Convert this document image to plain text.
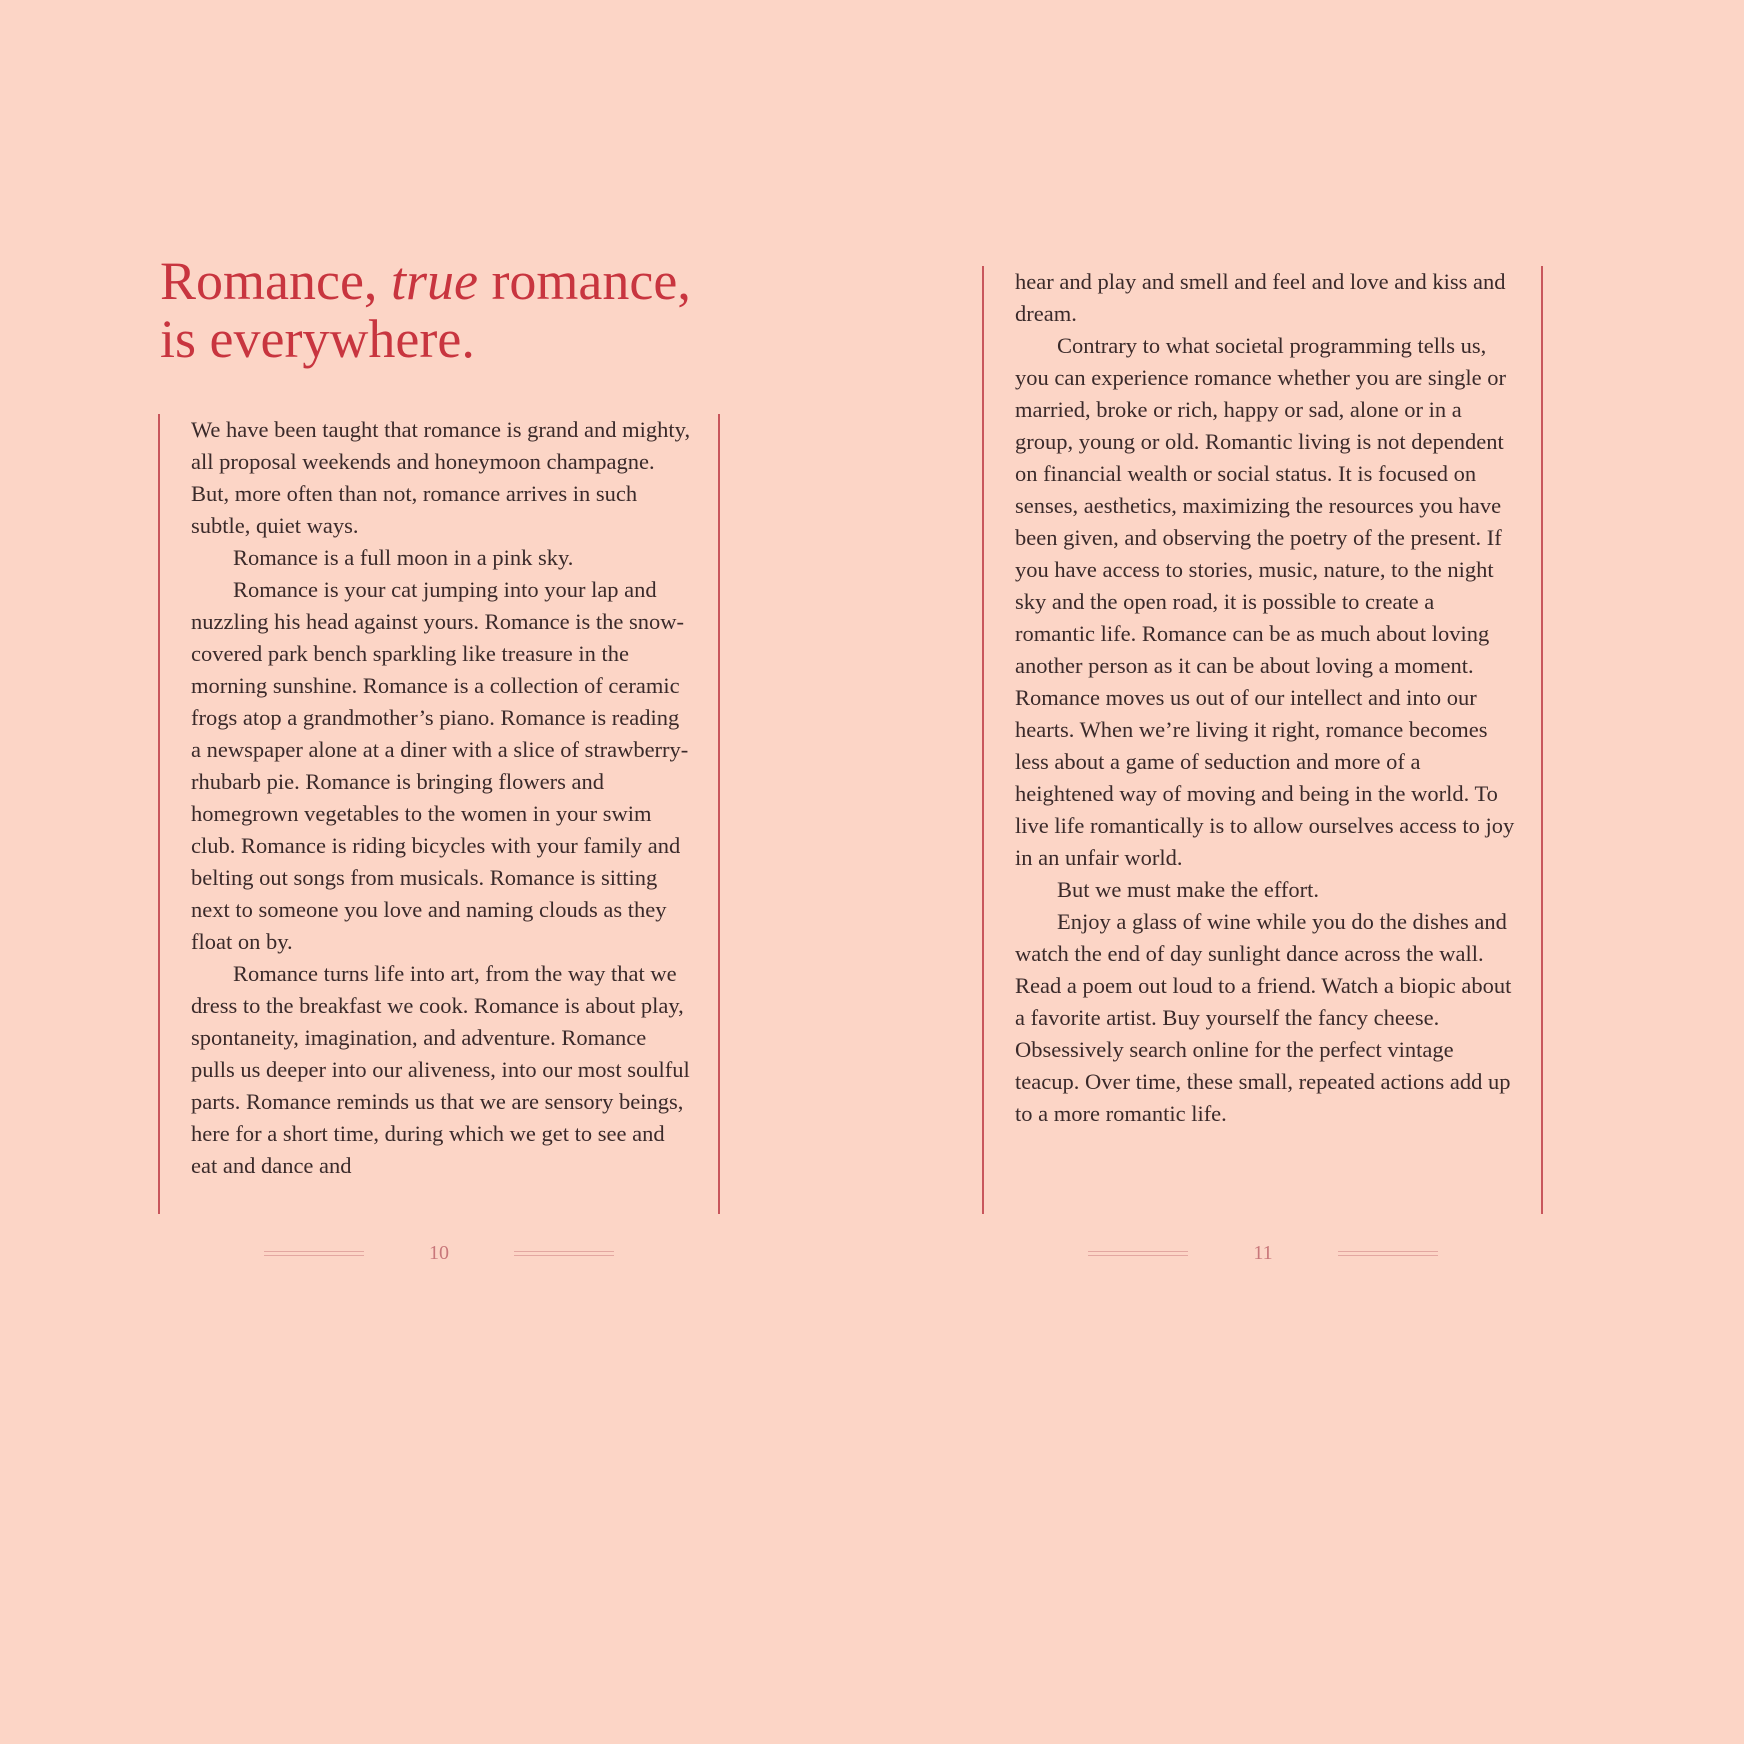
Romance, true romance,
is everywhere.

We have been taught that romance is grand and mighty, all proposal weekends and honeymoon champagne. But, more often than not, romance arrives in such subtle, quiet ways.

Romance is a full moon in a pink sky.

Romance is your cat jumping into your lap and nuzzling his head against yours. Romance is the snow-covered park bench sparkling like treasure in the morning sunshine. Romance is a collection of ceramic frogs atop a grandmother’s piano. Romance is reading a newspaper alone at a diner with a slice of strawberry-rhubarb pie. Romance is bringing flowers and homegrown vegetables to the women in your swim club. Romance is riding bicycles with your family and belting out songs from musicals. Romance is sitting next to someone you love and naming clouds as they float on by.

Romance turns life into art, from the way that we dress to the breakfast we cook. Romance is about play, spontaneity, imagination, and adventure. Romance pulls us deeper into our aliveness, into our most soulful parts. Romance reminds us that we are sensory beings, here for a short time, during which we get to see and eat and dance and

10

hear and play and smell and feel and love and kiss and dream.

Contrary to what societal programming tells us, you can experience romance whether you are single or married, broke or rich, happy or sad, alone or in a group, young or old. Romantic living is not dependent on financial wealth or social status. It is focused on senses, aesthetics, maximizing the resources you have been given, and observing the poetry of the present. If you have access to stories, music, nature, to the night sky and the open road, it is possible to create a romantic life. Romance can be as much about loving another person as it can be about loving a moment. Romance moves us out of our intellect and into our hearts. When we’re living it right, romance becomes less about a game of seduction and more of a heightened way of moving and being in the world. To live life romantically is to allow ourselves access to joy in an unfair world.

But we must make the effort.

Enjoy a glass of wine while you do the dishes and watch the end of day sunlight dance across the wall. Read a poem out loud to a friend. Watch a biopic about a favorite artist. Buy yourself the fancy cheese. Obsessively search online for the perfect vintage teacup. Over time, these small, repeated actions add up to a more romantic life.

11
